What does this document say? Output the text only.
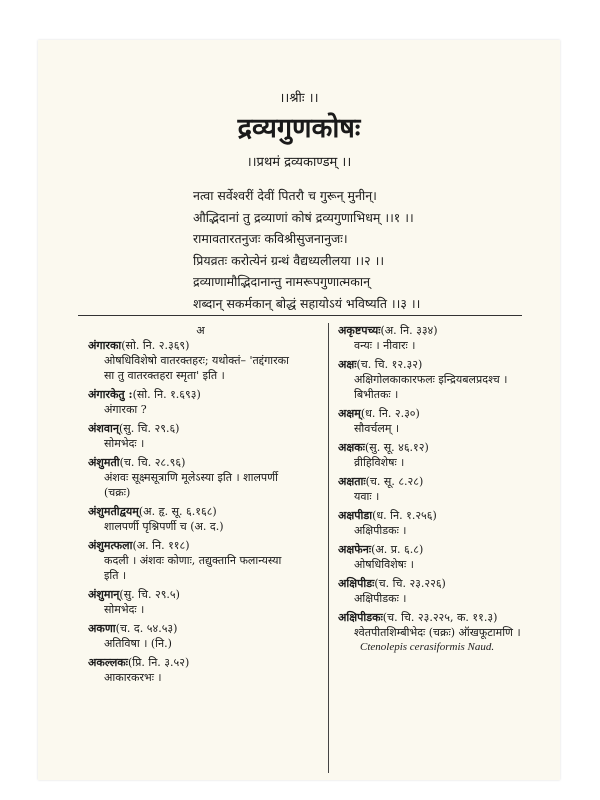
।।श्रीः ।।
द्रव्यगुणकोषः
।।प्रथमं द्रव्यकाण्डम् ।।
नत्वा सर्वेश्वरीं देवीं पितरौ च गुरून् मुनीन्।
औद्भिदानां तु द्रव्याणां कोषं द्रव्यगुणाभिधम् ।।१ ।।
रामावतारतनुजः कविश्रीसुजनानुजः।
प्रियव्रतः करोत्येनं ग्रन्थं वैद्यध्यलीलया ।।२ ।।
द्रव्याणामौद्भिदानान्तु नामरूपगुणात्मकान्
शब्दान् सकर्मकान् बोद्धं सहायोऽयं भविष्यति ।।३ ।।
अ
अंगारका(सो. नि. २.३६९)
ओषधिविशेषो वातरक्तहरः; यथोक्तं– 'तद्दंगारका
सा तु वातरक्तहरा स्मृता' इति ।
अंगारकेतु :(सो. नि. १.६९३)
अंगारका ?
अंशवान्(सु. चि. २९.६)
सोमभेदः ।
अंशुमती(च. चि. २८.९६)
अंशवः सूक्ष्मसूत्राणि मूलेऽस्या इति । शालपर्णी
(चक्रः)
अंशुमतीद्वयम्(अ. हृ. सू. ६.१६८)
शालपर्णी पृश्निपर्णी च (अ. द.)
अंशुमत्फला(अ. नि. ११८)
कदली । अंशवः कोणाः, तद्युक्तानि फलान्यस्या
इति ।
अंशुमान्(सु. चि. २९.५)
सोमभेदः ।
अकणा(च. द. ५४.५३)
अतिविषा । (नि.)
अकल्लकः(प्रि. नि. ३.५२)
आकारकरभः ।
अकृष्टपच्यः(अ. नि. ३३४)
वन्यः । नीवारः ।
अक्षः(च. चि. १२.३२)
अक्षिगोलकाकारफलः इन्द्रियबलप्रदश्च ।
बिभीतकः ।
अक्षम्(ध. नि. २.३०)
सौवर्चलम् ।
अक्षकः(सु. सू. ४६.१२)
व्रीहिविशेषः ।
अक्षताः(च. सू. ८.२८)
यवाः ।
अक्षपीडा(ध. नि. १.२५६)
अक्षिपीडकः ।
अक्षफेनः(अ. प्र. ६.८)
ओषधिविशेषः ।
अक्षिपीडः(च. चि. २३.२२६)
अक्षिपीडकः ।
अक्षिपीडकः(च. चि. २३.२२५, क. ११.३)
श्वेतपीतशिम्बीभेदः (चक्रः) ऑखफूटामणि ।
Ctenolepis cerasiformis Naud.
